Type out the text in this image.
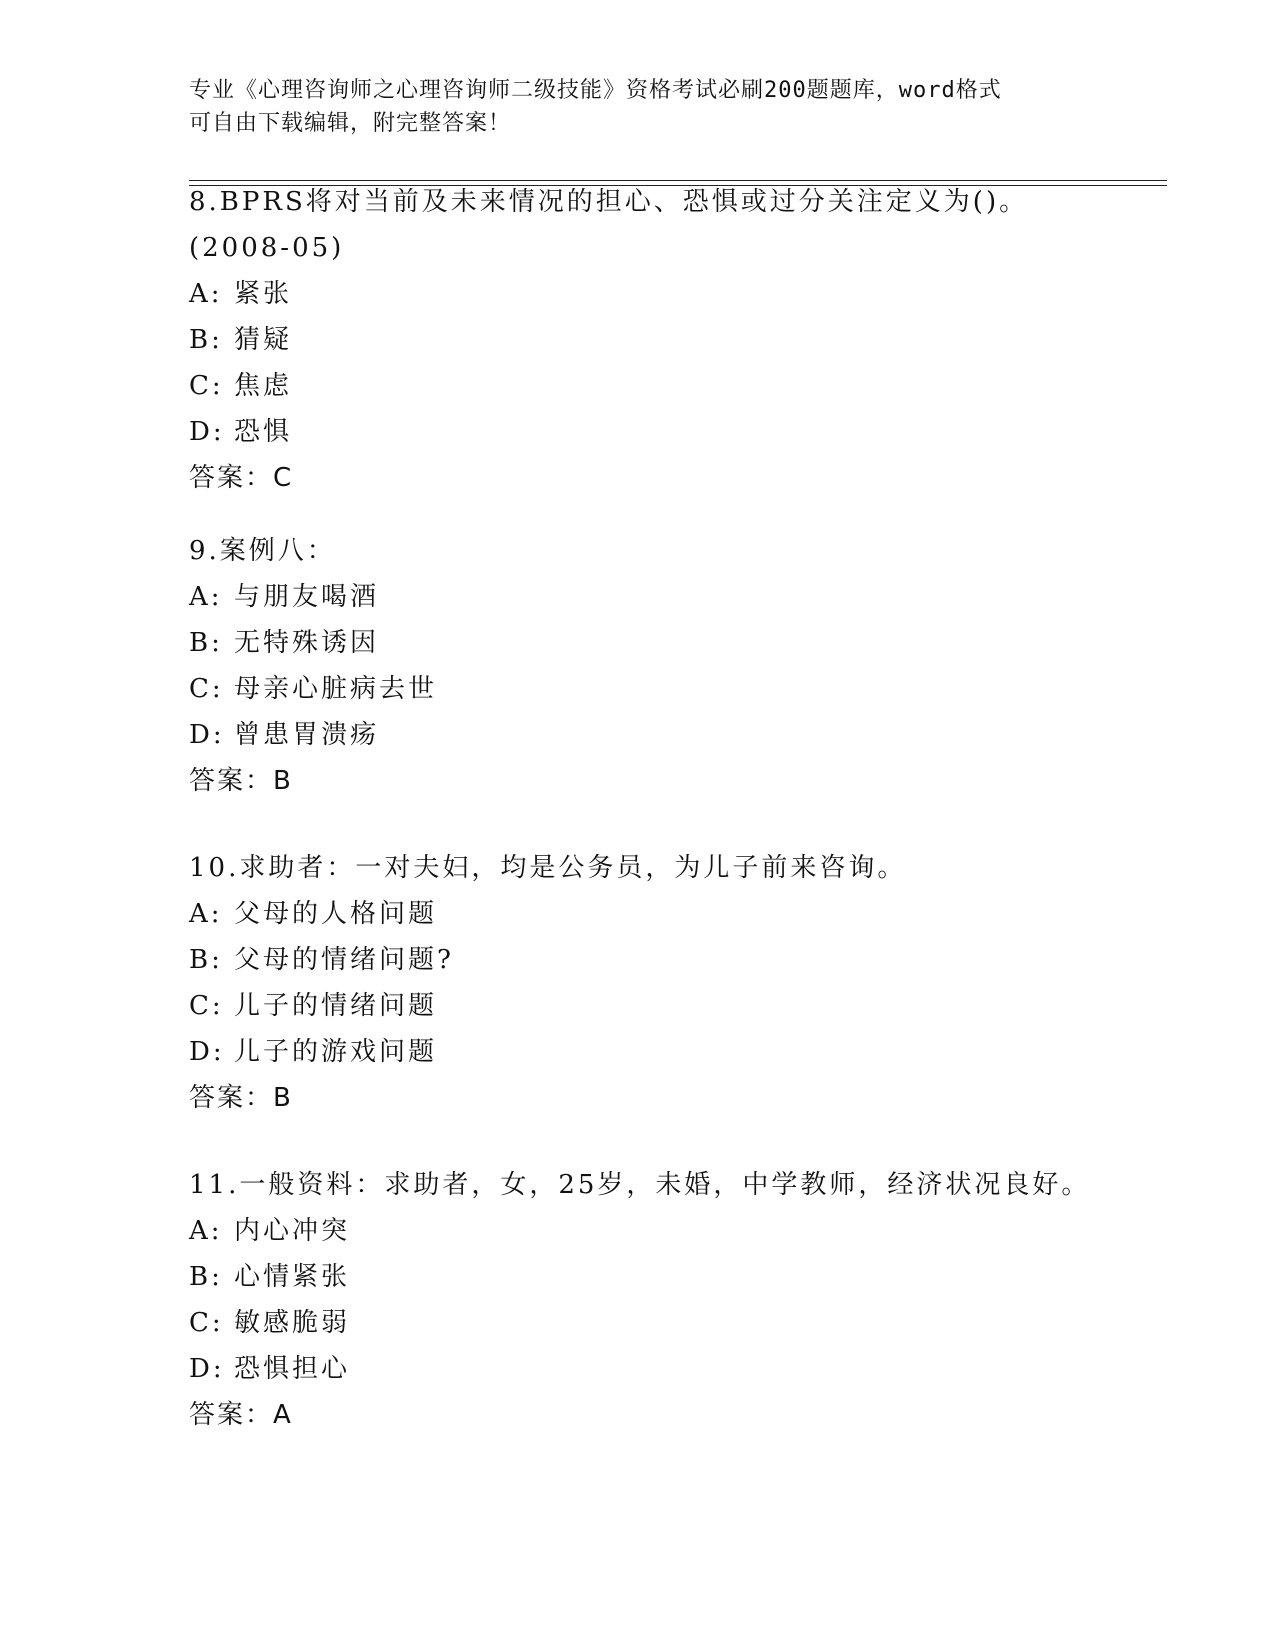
专业《心理咨询师之心理咨询师二级技能》资格考试必刷200题题库，word格式
可自由下载编辑，附完整答案！
8.BPRS将对当前及未来情况的担心、恐惧或过分关注定义为()。
(2008-05)
A: 紧张
B: 猜疑
C: 焦虑
D: 恐惧
答案：C
9.案例八：
A: 与朋友喝酒
B: 无特殊诱因
C: 母亲心脏病去世
D: 曾患胃溃疡
答案：B
10.求助者：一对夫妇，均是公务员，为儿子前来咨询。
A: 父母的人格问题
B: 父母的情绪问题?
C: 儿子的情绪问题
D: 儿子的游戏问题
答案：B
11.一般资料：求助者，女，25岁，未婚，中学教师，经济状况良好。
A: 内心冲突
B: 心情紧张
C: 敏感脆弱
D: 恐惧担心
答案：A
